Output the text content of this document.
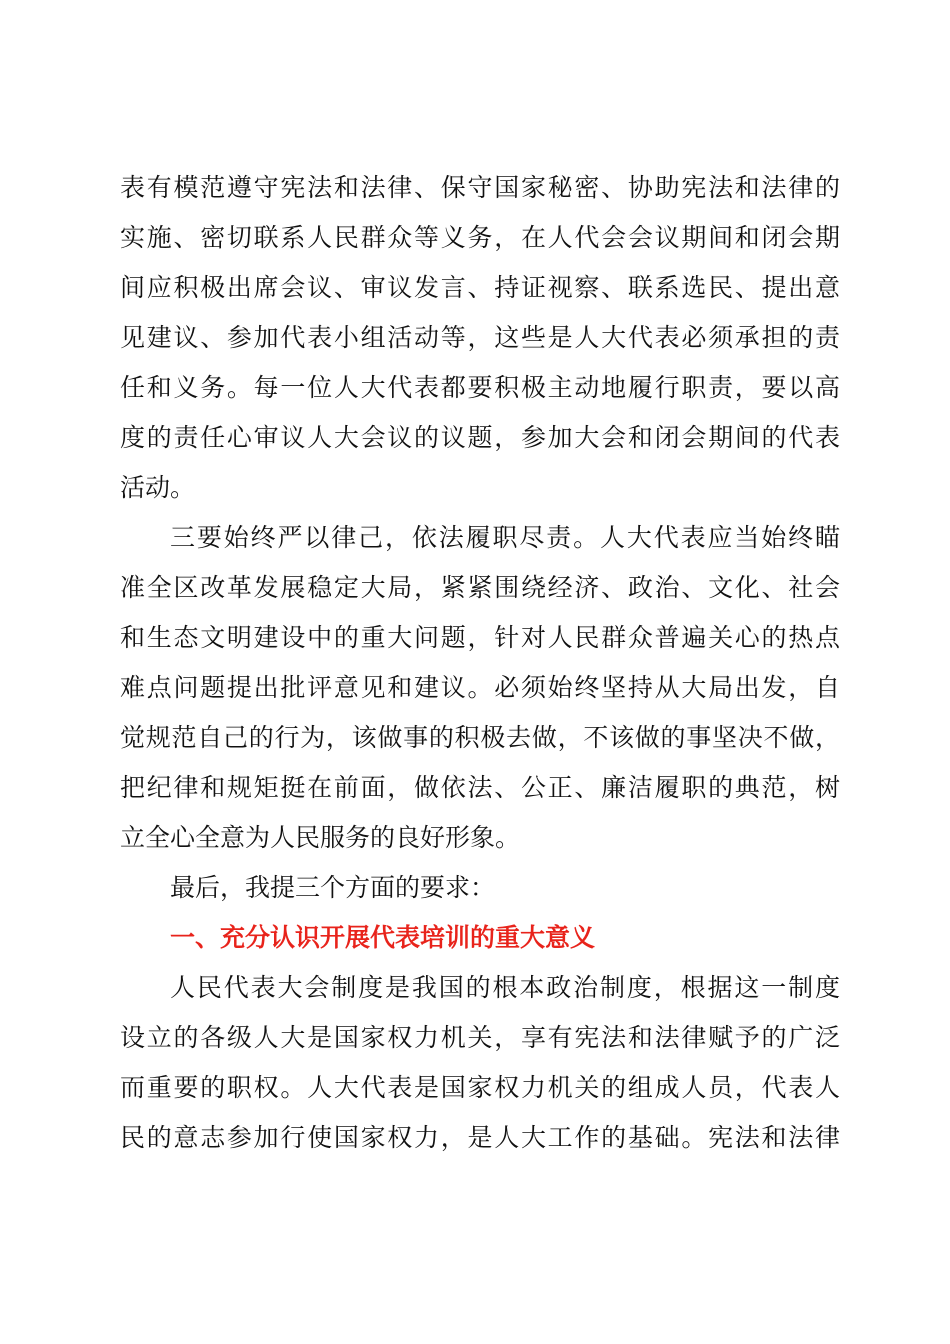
表有模范遵守宪法和法律、保守国家秘密、协助宪法和法律的
实施、密切联系人民群众等义务，在人代会会议期间和闭会期
间应积极出席会议、审议发言、持证视察、联系选民、提出意
见建议、参加代表小组活动等，这些是人大代表必须承担的责
任和义务。每一位人大代表都要积极主动地履行职责，要以高
度的责任心审议人大会议的议题，参加大会和闭会期间的代表
活动。
三要始终严以律己，依法履职尽责。人大代表应当始终瞄
准全区改革发展稳定大局，紧紧围绕经济、政治、文化、社会
和生态文明建设中的重大问题，针对人民群众普遍关心的热点
难点问题提出批评意见和建议。必须始终坚持从大局出发，自
觉规范自己的行为，该做事的积极去做，不该做的事坚决不做，
把纪律和规矩挺在前面，做依法、公正、廉洁履职的典范，树
立全心全意为人民服务的良好形象。
最后，我提三个方面的要求：
一、充分认识开展代表培训的重大意义
人民代表大会制度是我国的根本政治制度，根据这一制度
设立的各级人大是国家权力机关，享有宪法和法律赋予的广泛
而重要的职权。人大代表是国家权力机关的组成人员，代表人
民的意志参加行使国家权力，是人大工作的基础。宪法和法律
